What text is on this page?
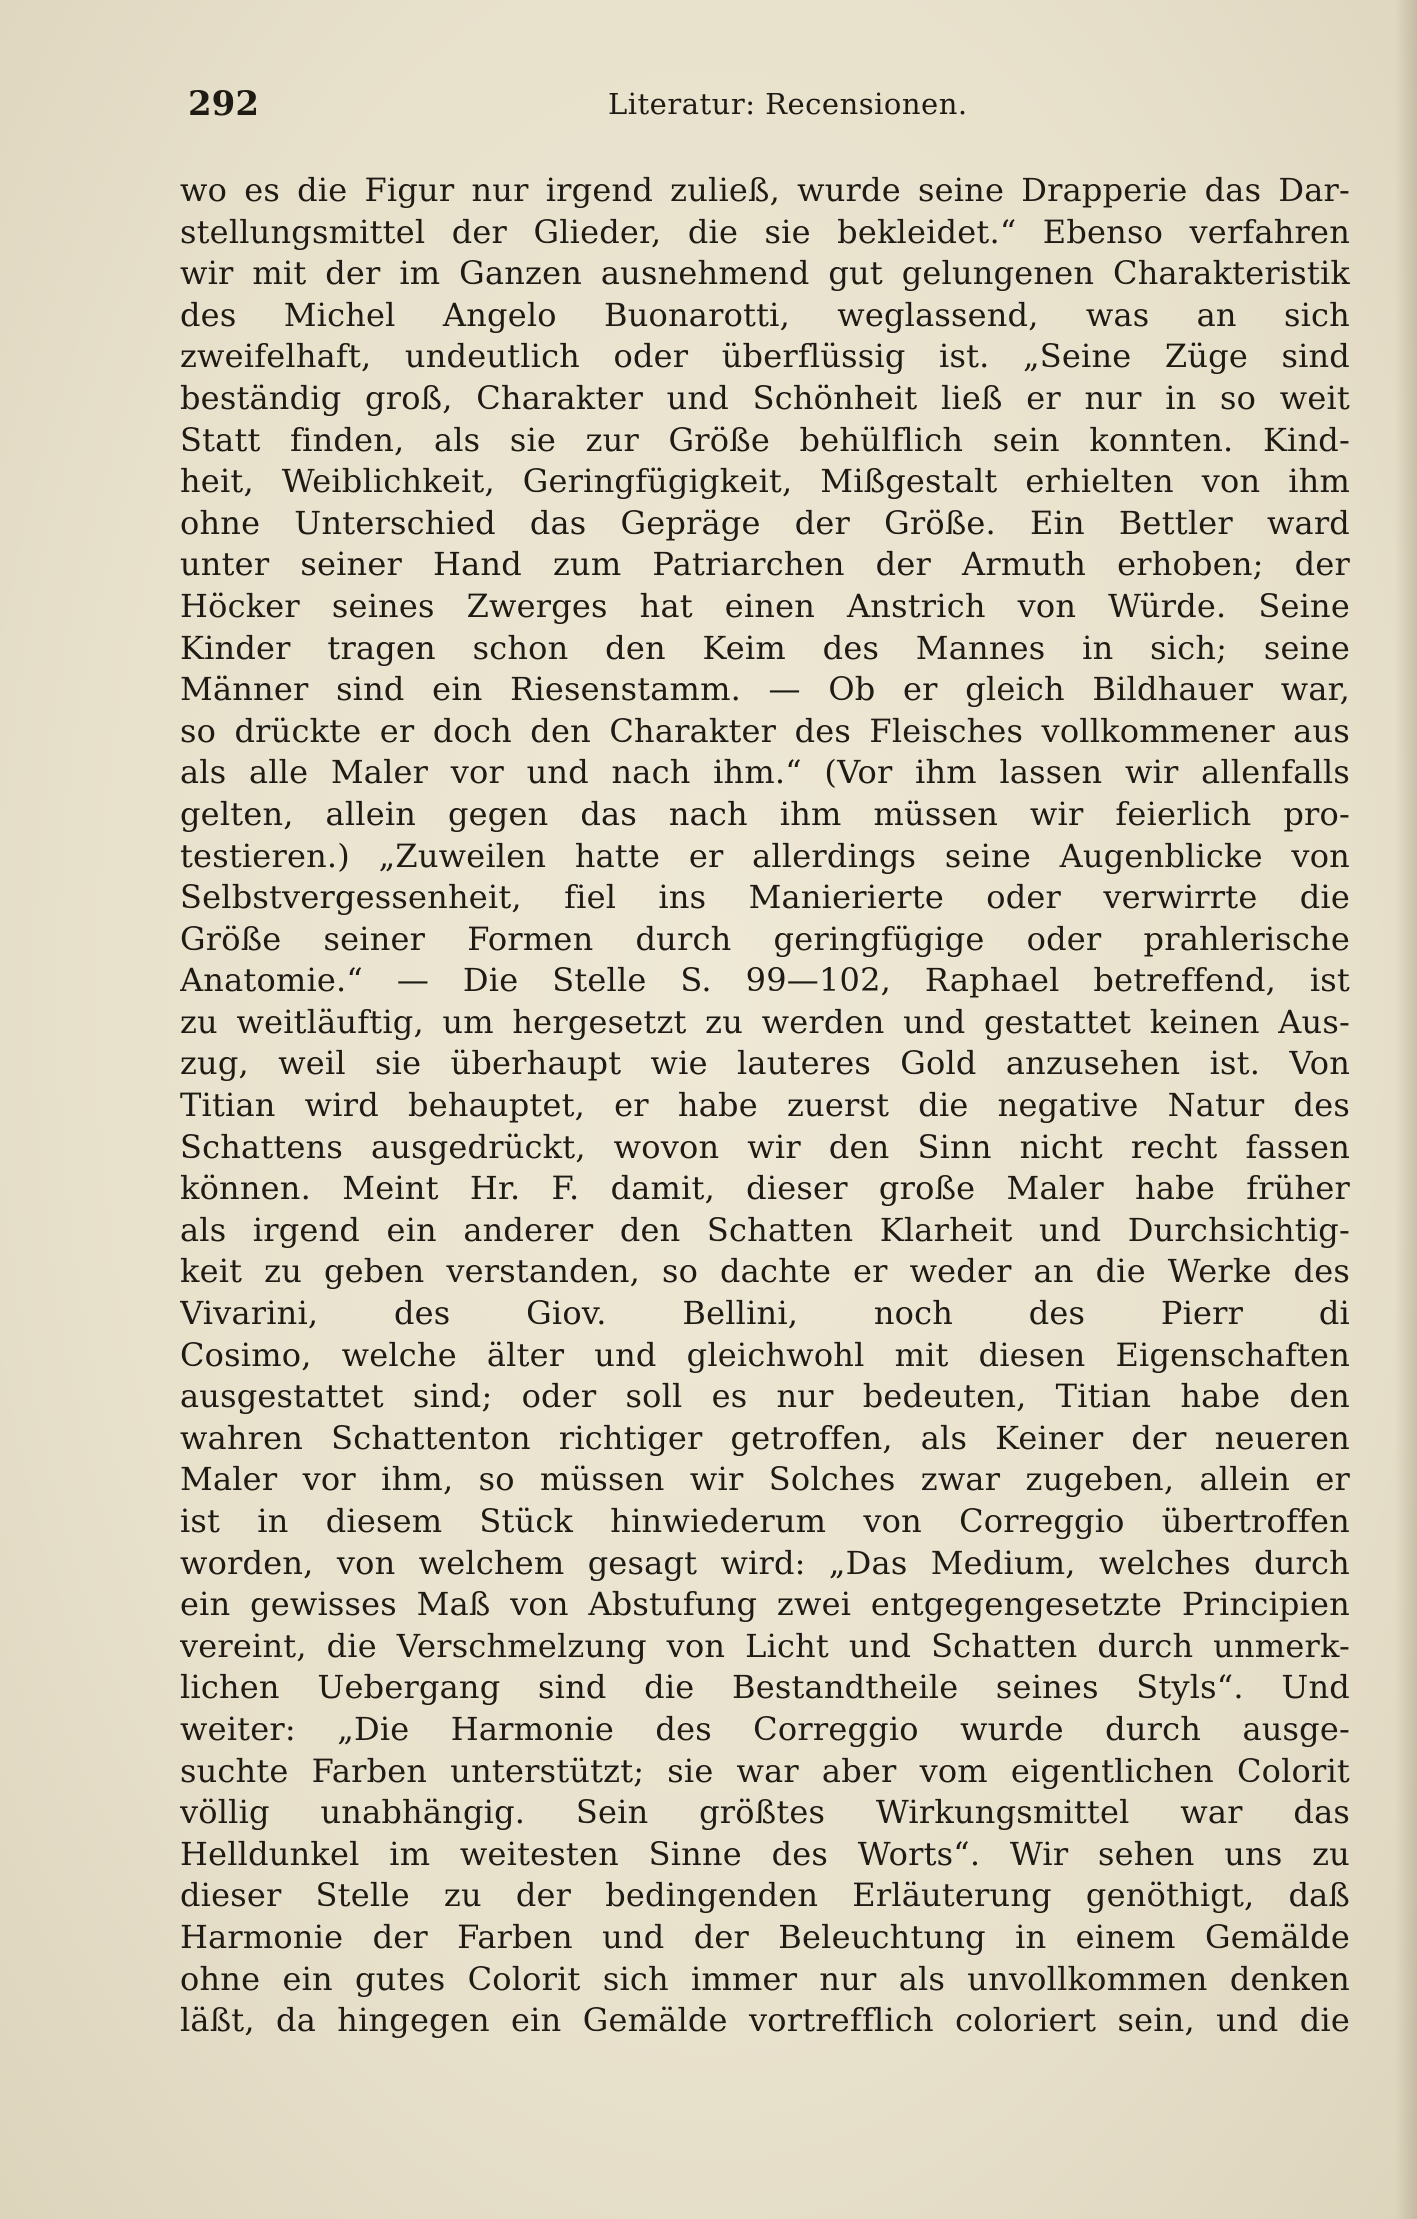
292	Literatur: Recensionen.
wo es die Figur nur irgend zuließ, wurde seine Drapperie das Dar-
stellungsmittel der Glieder, die sie bekleidet.“ Ebenso verfahren
wir mit der im Ganzen ausnehmend gut gelungenen Charakteristik
des Michel Angelo Buonarotti, weglassend, was an sich
zweifelhaft, undeutlich oder überflüssig ist. „Seine Züge sind
beständig groß, Charakter und Schönheit ließ er nur in so weit
Statt finden, als sie zur Größe behülflich sein konnten. Kind-
heit, Weiblichkeit, Geringfügigkeit, Mißgestalt erhielten von ihm
ohne Unterschied das Gepräge der Größe. Ein Bettler ward
unter seiner Hand zum Patriarchen der Armuth erhoben; der
Höcker seines Zwerges hat einen Anstrich von Würde. Seine
Kinder tragen schon den Keim des Mannes in sich; seine
Männer sind ein Riesenstamm. — Ob er gleich Bildhauer war,
so drückte er doch den Charakter des Fleisches vollkommener aus
als alle Maler vor und nach ihm.“ (Vor ihm lassen wir allenfalls
gelten, allein gegen das nach ihm müssen wir feierlich pro-
testieren.) „Zuweilen hatte er allerdings seine Augenblicke von
Selbstvergessenheit, fiel ins Manierierte oder verwirrte die
Größe seiner Formen durch geringfügige oder prahlerische
Anatomie.“ — Die Stelle S. 99—102, Raphael betreffend, ist
zu weitläuftig, um hergesetzt zu werden und gestattet keinen Aus-
zug, weil sie überhaupt wie lauteres Gold anzusehen ist. Von
Titian wird behauptet, er habe zuerst die negative Natur des
Schattens ausgedrückt, wovon wir den Sinn nicht recht fassen
können. Meint Hr. F. damit, dieser große Maler habe früher
als irgend ein anderer den Schatten Klarheit und Durchsichtig-
keit zu geben verstanden, so dachte er weder an die Werke des
Vivarini, des Giov. Bellini, noch des Pierr di
Cosimo, welche älter und gleichwohl mit diesen Eigenschaften
ausgestattet sind; oder soll es nur bedeuten, Titian habe den
wahren Schattenton richtiger getroffen, als Keiner der neueren
Maler vor ihm, so müssen wir Solches zwar zugeben, allein er
ist in diesem Stück hinwiederum von Correggio übertroffen
worden, von welchem gesagt wird: „Das Medium, welches durch
ein gewisses Maß von Abstufung zwei entgegengesetzte Principien
vereint, die Verschmelzung von Licht und Schatten durch unmerk-
lichen Uebergang sind die Bestandtheile seines Styls“. Und
weiter: „Die Harmonie des Correggio wurde durch ausge-
suchte Farben unterstützt; sie war aber vom eigentlichen Colorit
völlig unabhängig. Sein größtes Wirkungsmittel war das
Helldunkel im weitesten Sinne des Worts“. Wir sehen uns zu
dieser Stelle zu der bedingenden Erläuterung genöthigt, daß
Harmonie der Farben und der Beleuchtung in einem Gemälde
ohne ein gutes Colorit sich immer nur als unvollkommen denken
läßt, da hingegen ein Gemälde vortrefflich coloriert sein, und die
